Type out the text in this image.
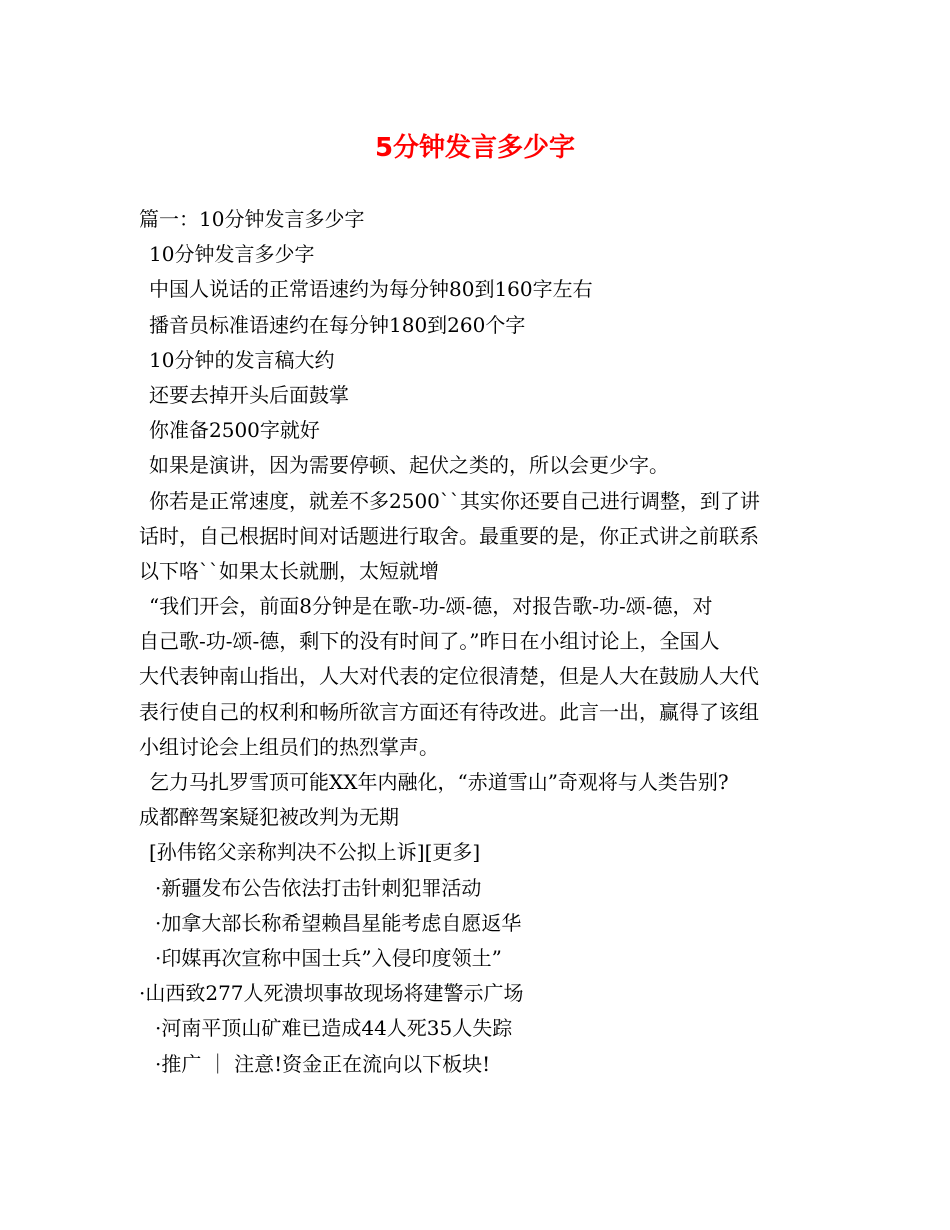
5分钟发言多少字
篇一：10分钟发言多少字
10分钟发言多少字
中国人说话的正常语速约为每分钟80到160字左右
播音员标准语速约在每分钟180到260个字
10分钟的发言稿大约
还要去掉开头后面鼓掌
你准备2500字就好
如果是演讲，因为需要停顿、起伏之类的，所以会更少字。
你若是正常速度，就差不多2500``其实你还要自己进行调整，到了讲
话时，自己根据时间对话题进行取舍。最重要的是，你正式讲之前联系
以下咯``如果太长就删，太短就增
“我们开会，前面8分钟是在歌-功-颂-德，对报告歌-功-颂-德，对
自己歌-功-颂-德，剩下的没有时间了。”昨日在小组讨论上，全国人
大代表钟南山指出，人大对代表的定位很清楚，但是人大在鼓励人大代
表行使自己的权利和畅所欲言方面还有待改进。此言一出，赢得了该组
小组讨论会上组员们的热烈掌声。
乞力马扎罗雪顶可能XX年内融化，“赤道雪山”奇观将与人类告别?
成都醉驾案疑犯被改判为无期
[孙伟铭父亲称判决不公拟上诉][更多]
·新疆发布公告依法打击针刺犯罪活动
·加拿大部长称希望赖昌星能考虑自愿返华
·印媒再次宣称中国士兵”入侵印度领土”
·山西致277人死溃坝事故现场将建警示广场
·河南平顶山矿难已造成44人死35人失踪
·推广 ｜ 注意!资金正在流向以下板块!
